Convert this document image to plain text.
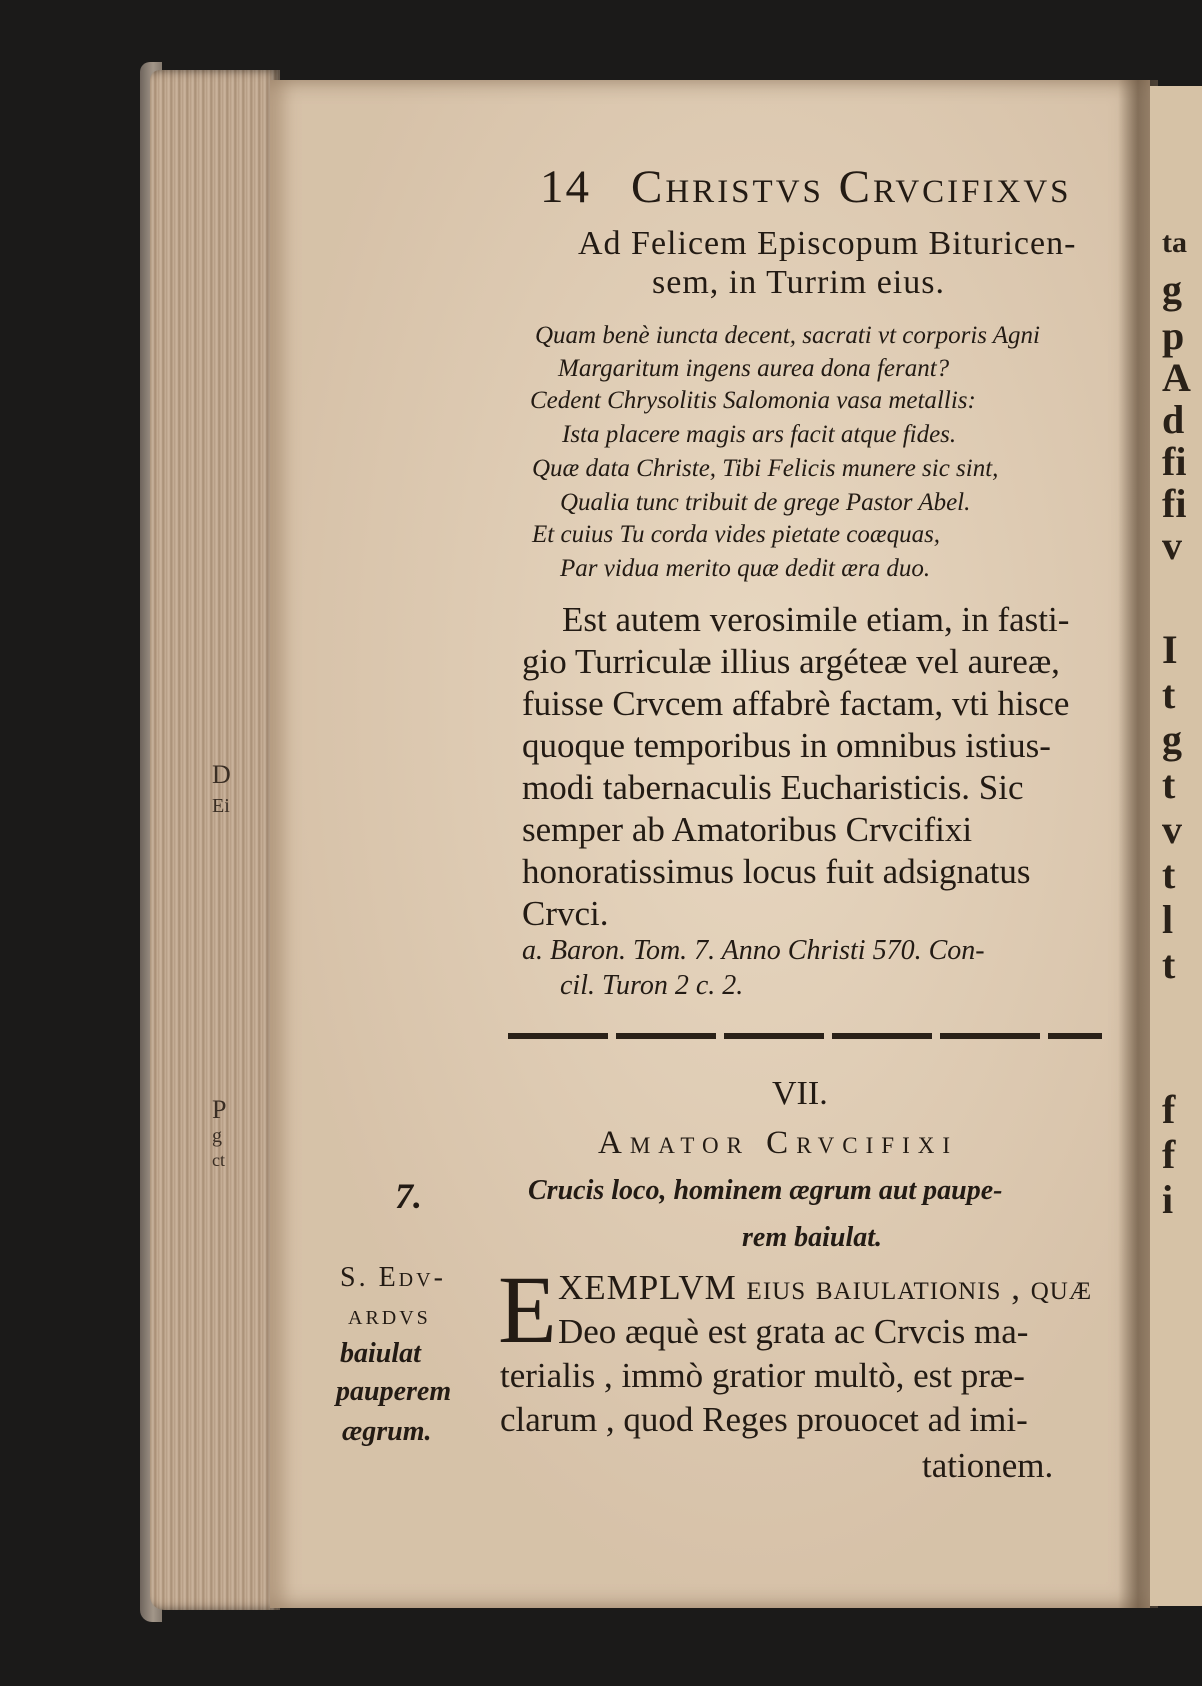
D
Ei
P
g
ct
ta
g
p
A
d
fi
fi
v
I
t
g
t
v
t
l
t
f
f
i
14 Christvs Crvcifixvs
Ad Felicem Episcopum Bituricen-
sem, in Turrim eius.
Quam benè iuncta decent, sacrati vt corporis Agni
Margaritum ingens aurea dona ferant?
Cedent Chrysolitis Salomonia vasa metallis:
Ista placere magis ars facit atque fides.
Quæ data Christe, Tibi Felicis munere sic sint,
Qualia tunc tribuit de grege Pastor Abel.
Et cuius Tu corda vides pietate coæquas,
Par vidua merito quæ dedit æra duo.
Est autem verosimile etiam, in fasti-
gio Turriculæ illius argéteæ vel aureæ,
fuisse Crvcem affabrè factam, vti hisce
quoque temporibus in omnibus istius-
modi tabernaculis Eucharisticis. Sic
semper ab Amatoribus Crvcifixi
honoratissimus locus fuit adsignatus
Crvci.
a. Baron. Tom. 7. Anno Christi 570. Con-
cil. Turon 2 c. 2.
VII.
Amator Crvcifixi
Crucis loco, hominem ægrum aut paupe-
rem baiulat.
7.
S. Edv-
ardvs
baiulat
pauperem
ægrum.
E XEMPLVM eius baiulationis , quæ
Deo æquè est grata ac Crvcis ma-
terialis , immò gratior multò, est præ-
clarum , quod Reges prouocet ad imi-
tationem.
